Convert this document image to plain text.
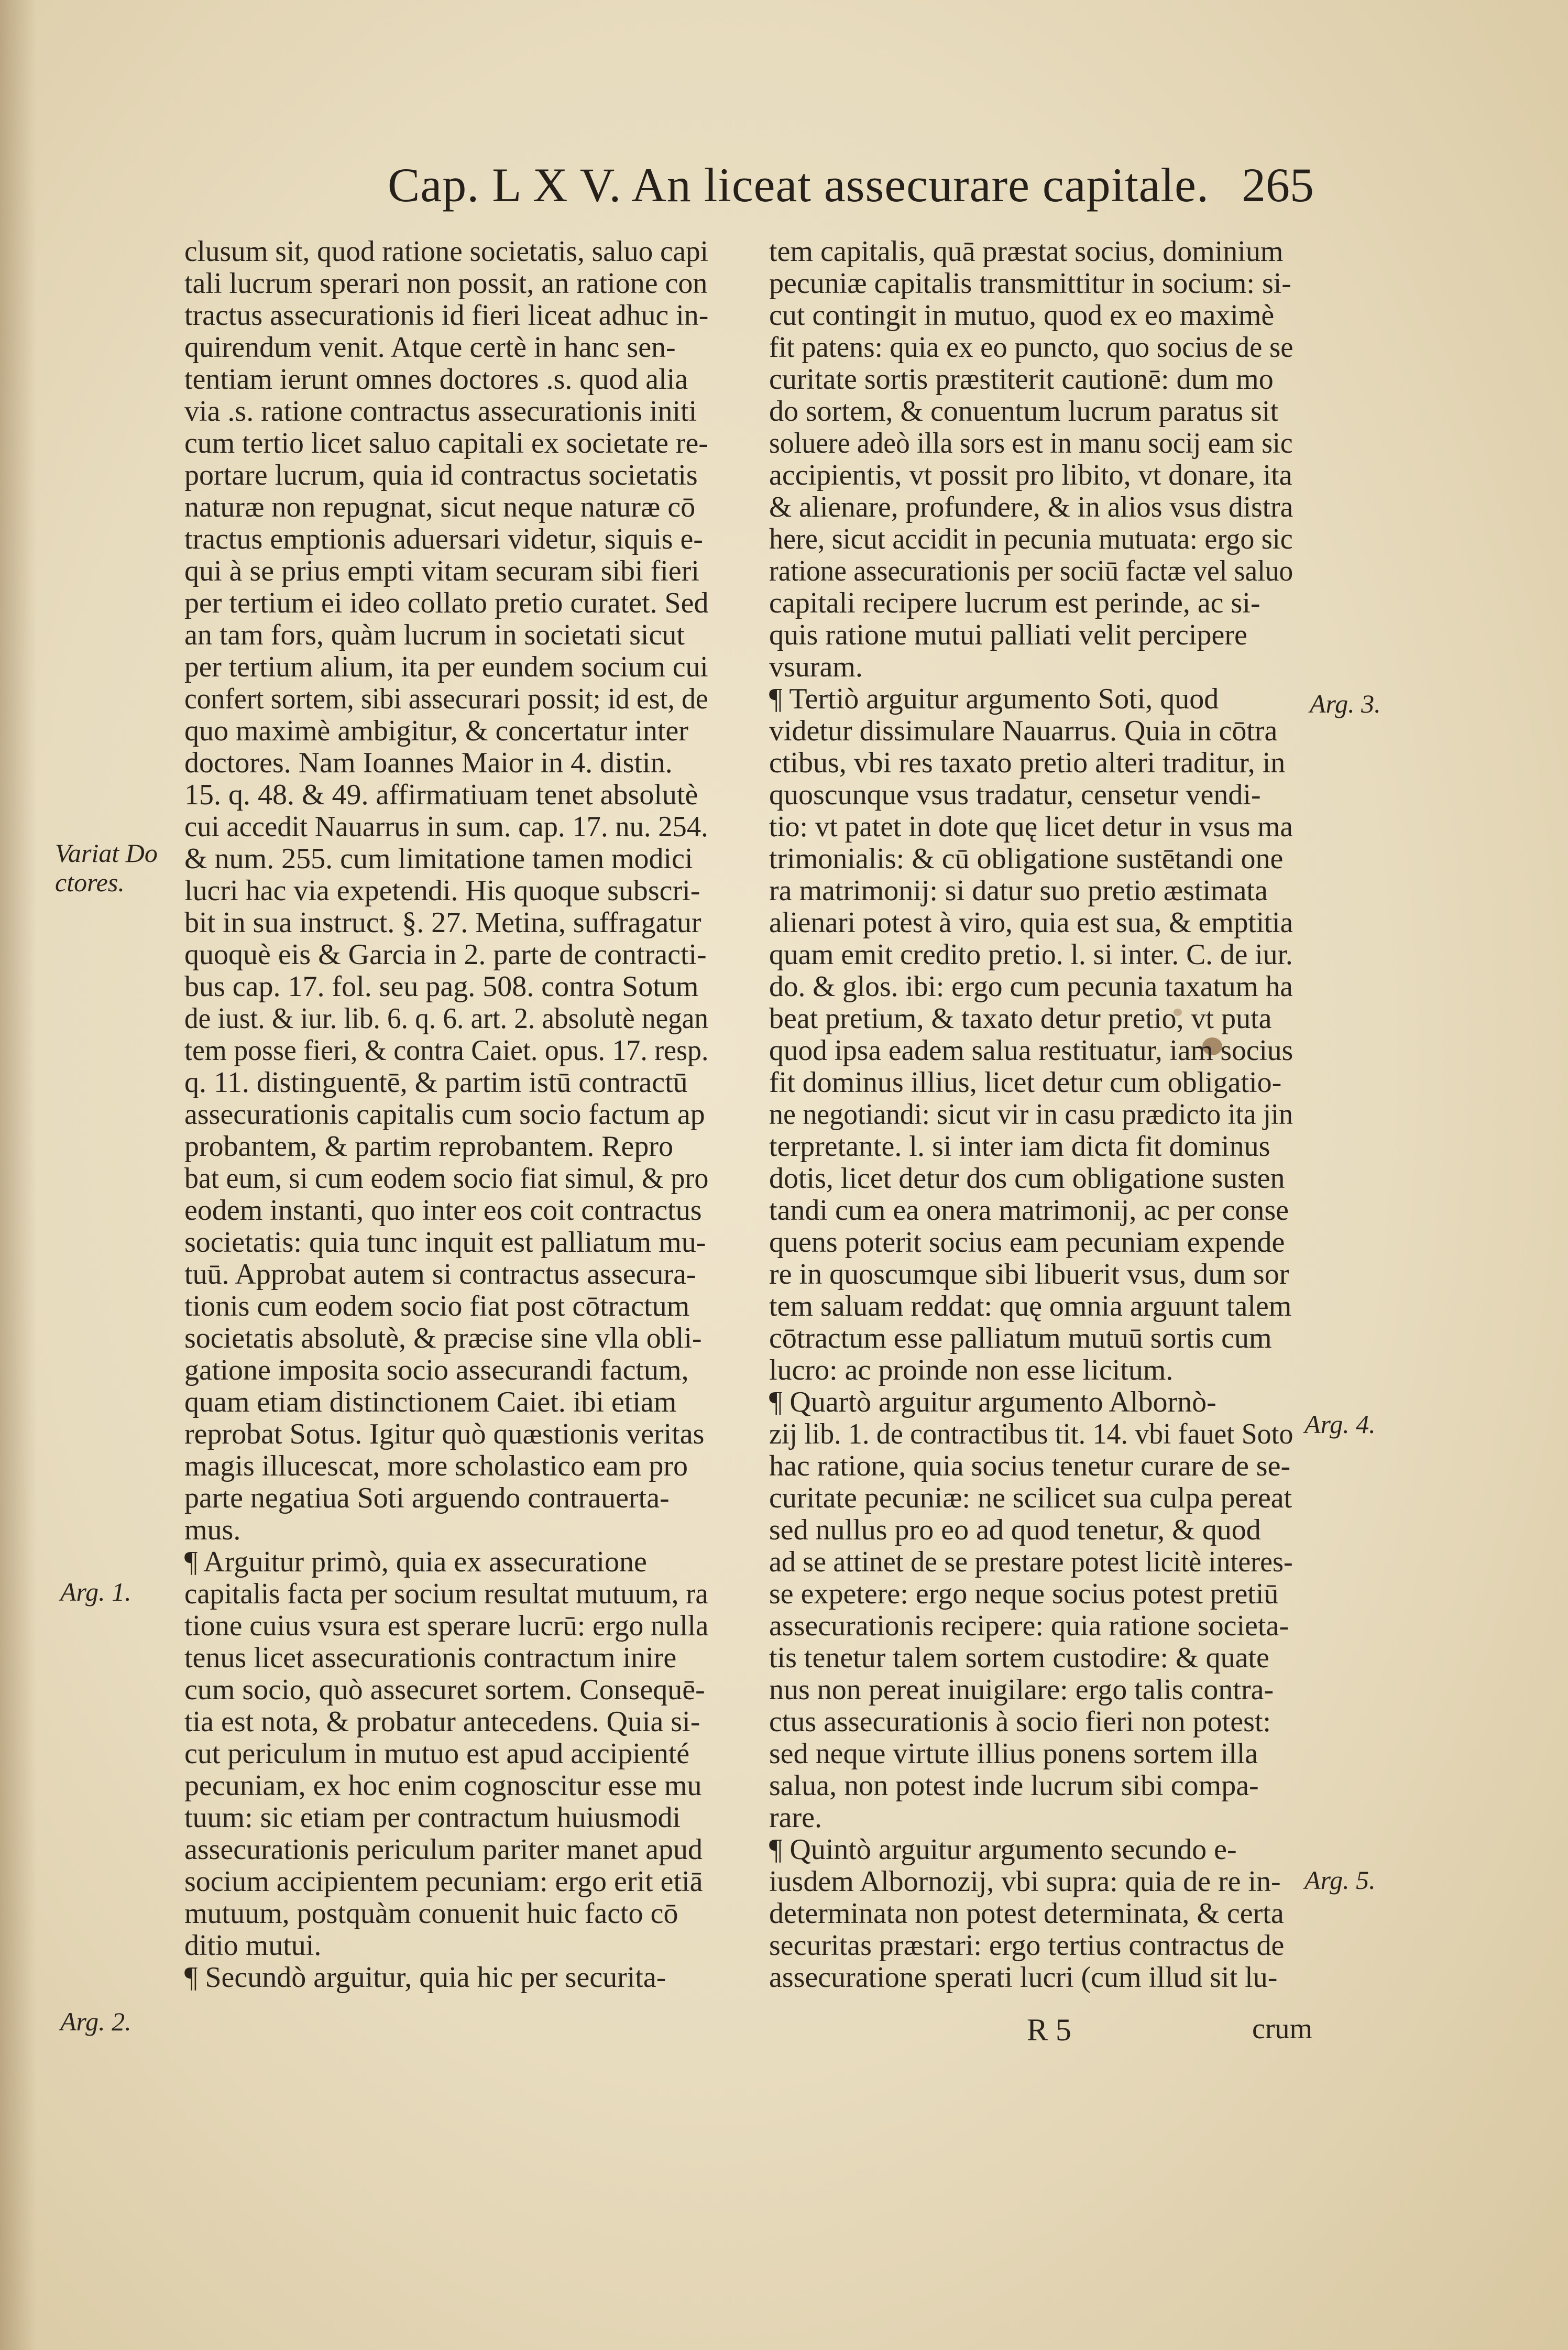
Cap. L X V. An liceat assecurare capitale. 265
clusum sit, quod ratione societatis, saluo capi
tali lucrum sperari non possit, an ratione con
tractus assecurationis id fieri liceat adhuc in-
quirendum venit. Atque certè in hanc sen-
tentiam ierunt omnes doctores .s. quod alia
via .s. ratione contractus assecurationis initi
cum tertio licet saluo capitali ex societate re-
portare lucrum, quia id contractus societatis
naturæ non repugnat, sicut neque naturæ cō
tractus emptionis aduersari videtur, siquis e-
qui à se prius empti vitam securam sibi fieri
per tertium ei ideo collato pretio curatet. Sed
an tam fors, quàm lucrum in societati sicut
per tertium alium, ita per eundem socium cui
confert sortem, sibi assecurari possit; id est, de
quo maximè ambigitur, & concertatur inter
doctores. Nam Ioannes Maior in 4. distin.
15. q. 48. & 49. affirmatiuam tenet absolutè
cui accedit Nauarrus in sum. cap. 17. nu. 254.
& num. 255. cum limitatione tamen modici
lucri hac via expetendi. His quoque subscri-
bit in sua instruct. §. 27. Metina, suffragatur
quoquè eis & Garcia in 2. parte de contracti-
bus cap. 17. fol. seu pag. 508. contra Sotum
de iust. & iur. lib. 6. q. 6. art. 2. absolutè negan
tem posse fieri, & contra Caiet. opus. 17. resp.
q. 11. distinguentē, & partim istū contractū
assecurationis capitalis cum socio factum ap
probantem, & partim reprobantem. Repro
bat eum, si cum eodem socio fiat simul, & pro
eodem instanti, quo inter eos coit contractus
societatis: quia tunc inquit est palliatum mu-
tuū. Approbat autem si contractus assecura-
tionis cum eodem socio fiat post cōtractum
societatis absolutè, & præcise sine vlla obli-
gatione imposita socio assecurandi factum,
quam etiam distinctionem Caiet. ibi etiam
reprobat Sotus. Igitur quò quæstionis veritas
magis illucescat, more scholastico eam pro
parte negatiua Soti arguendo contrauerta-
mus.
¶ Arguitur primò, quia ex assecuratione
capitalis facta per socium resultat mutuum, ra
tione cuius vsura est sperare lucrū: ergo nulla
tenus licet assecurationis contractum inire
cum socio, quò assecuret sortem. Consequē-
tia est nota, & probatur antecedens. Quia si-
cut periculum in mutuo est apud accipienté
pecuniam, ex hoc enim cognoscitur esse mu
tuum: sic etiam per contractum huiusmodi
assecurationis periculum pariter manet apud
socium accipientem pecuniam: ergo erit etiā
mutuum, postquàm conuenit huic facto cō
ditio mutui.
¶ Secundò arguitur, quia hic per securita-
tem capitalis, quā præstat socius, dominium
pecuniæ capitalis transmittitur in socium: si-
cut contingit in mutuo, quod ex eo maximè
fit patens: quia ex eo puncto, quo socius de se
curitate sortis præstiterit cautionē: dum mo
do sortem, & conuentum lucrum paratus sit
soluere adeò illa sors est in manu socij eam sic
accipientis, vt possit pro libito, vt donare, ita
& alienare, profundere, & in alios vsus distra
here, sicut accidit in pecunia mutuata: ergo sic
ratione assecurationis per sociū factæ vel saluo
capitali recipere lucrum est perinde, ac si-
quis ratione mutui palliati velit percipere
vsuram.
¶ Tertiò arguitur argumento Soti, quod
videtur dissimulare Nauarrus. Quia in cōtra
ctibus, vbi res taxato pretio alteri traditur, in
quoscunque vsus tradatur, censetur vendi-
tio: vt patet in dote quę licet detur in vsus ma
trimonialis: & cū obligatione sustētandi one
ra matrimonij: si datur suo pretio æstimata
alienari potest à viro, quia est sua, & emptitia
quam emit credito pretio. l. si inter. C. de iur.
do. & glos. ibi: ergo cum pecunia taxatum ha
beat pretium, & taxato detur pretio, vt puta
quod ipsa eadem salua restituatur, iam socius
fit dominus illius, licet detur cum obligatio-
ne negotiandi: sicut vir in casu prædicto ita jin
terpretante. l. si inter iam dicta fit dominus
dotis, licet detur dos cum obligatione susten
tandi cum ea onera matrimonij, ac per conse
quens poterit socius eam pecuniam expende
re in quoscumque sibi libuerit vsus, dum sor
tem saluam reddat: quę omnia arguunt talem
cōtractum esse palliatum mutuū sortis cum
lucro: ac proinde non esse licitum.
¶ Quartò arguitur argumento Albornò-
zij lib. 1. de contractibus tit. 14. vbi fauet Soto
hac ratione, quia socius tenetur curare de se-
curitate pecuniæ: ne scilicet sua culpa pereat
sed nullus pro eo ad quod tenetur, & quod
ad se attinet de se prestare potest licitè interes-
se expetere: ergo neque socius potest pretiū
assecurationis recipere: quia ratione societa-
tis tenetur talem sortem custodire: & quate
nus non pereat inuigilare: ergo talis contra-
ctus assecurationis à socio fieri non potest:
sed neque virtute illius ponens sortem illa
salua, non potest inde lucrum sibi compa-
rare.
¶ Quintò arguitur argumento secundo e-
iusdem Albornozij, vbi supra: quia de re in-
determinata non potest determinata, & certa
securitas præstari: ergo tertius contractus de
assecuratione sperati lucri (cum illud sit lu-
Variat Do
ctores.
Arg. 1.
Arg. 2.
Arg. 3.
Arg. 4.
Arg. 5.
R 5	crum
